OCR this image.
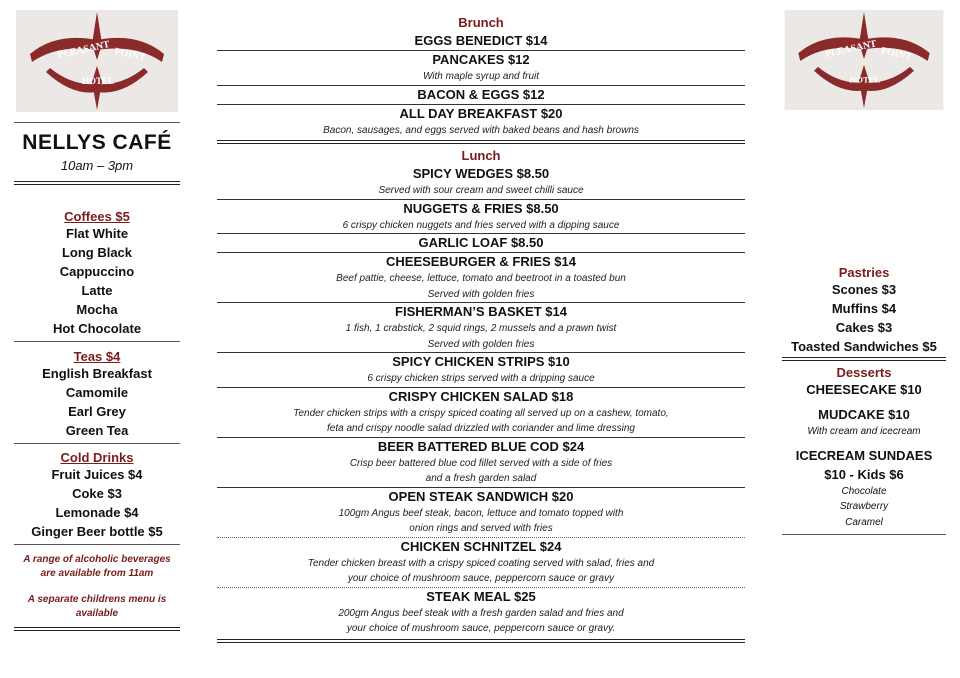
PLEASANT POINT
HOTEL
NELLYS CAFÉ
10am – 3pm
Coffees $5
Flat White
Long Black
Cappuccino
Latte
Mocha
Hot Chocolate
Teas $4
English Breakfast
Camomile
Earl Grey
Green Tea
Cold Drinks
Fruit Juices $4
Coke $3
Lemonade $4
Ginger Beer bottle $5
A range of alcoholic beverages
are available from 11am
A separate childrens menu is
available
Brunch
EGGS BENEDICT $14
PANCAKES $12
With maple syrup and fruit
BACON & EGGS $12
ALL DAY BREAKFAST $20
Bacon, sausages, and eggs served with baked beans and hash browns
Lunch
SPICY WEDGES $8.50
Served with sour cream and sweet chilli sauce
NUGGETS & FRIES $8.50
6 crispy chicken nuggets and fries served with a dipping sauce
GARLIC LOAF $8.50
CHEESEBURGER & FRIES $14
Beef pattie, cheese, lettuce, tomato and beetroot in a toasted bun
Served with golden fries
FISHERMAN’S BASKET $14
1 fish, 1 crabstick, 2 squid rings, 2 mussels and a prawn twist
Served with golden fries
SPICY CHICKEN STRIPS $10
6 crispy chicken strips served with a dripping sauce
CRISPY CHICKEN SALAD $18
Tender chicken strips with a crispy spiced coating all served up on a cashew, tomato,
feta and crispy noodle salad drizzled with coriander and lime dressing
BEER BATTERED BLUE COD $24
Crisp beer battered blue cod fillet served with a side of fries
and a fresh garden salad
OPEN STEAK SANDWICH $20
100gm Angus beef steak, bacon, lettuce and tomato topped with
onion rings and served with fries
CHICKEN SCHNITZEL $24
Tender chicken breast with a crispy spiced coating served with salad, fries and
your choice of mushroom sauce, peppercorn sauce or gravy
STEAK MEAL $25
200gm Angus beef steak with a fresh garden salad and fries and
your choice of mushroom sauce, peppercorn sauce or gravy.
PLEASANT POINT
HOTEL
Pastries
Scones $3
Muffins $4
Cakes $3
Toasted Sandwiches $5
Desserts
CHEESECAKE $10
MUDCAKE $10
With cream and icecream
ICECREAM SUNDAES
$10 - Kids $6
Chocolate
Strawberry
Caramel
